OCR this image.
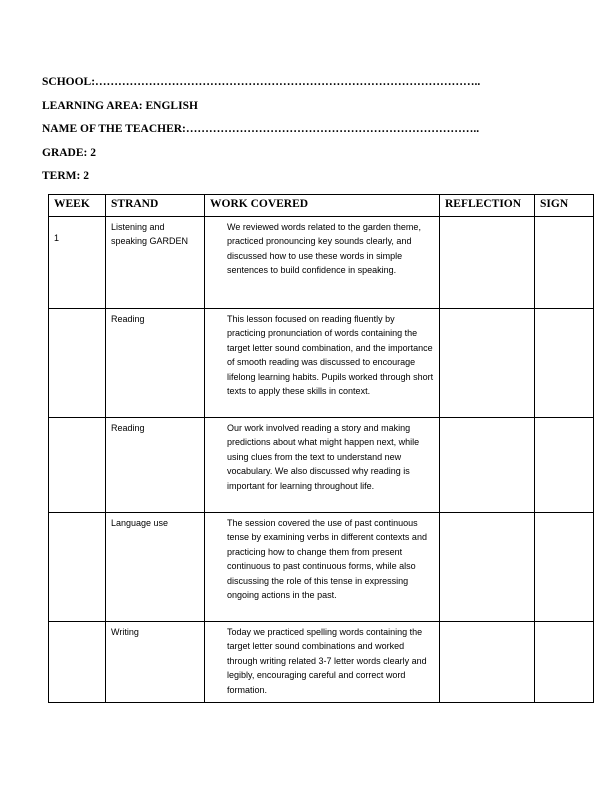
SCHOOL:………………………………………………………………………………………..
LEARNING AREA: ENGLISH
NAME OF THE TEACHER:…………………………………………………………………..
GRADE: 2
TERM: 2
WEEK	STRAND	WORK COVERED	REFLECTION	SIGN
1	Listening and speaking GARDEN	We reviewed words related to the garden theme, practiced pronouncing key sounds clearly, and discussed how to use these words in simple sentences to build confidence in speaking.		
	Reading	This lesson focused on reading fluently by practicing pronunciation of words containing the target letter sound combination, and the importance of smooth reading was discussed to encourage lifelong learning habits. Pupils worked through short texts to apply these skills in context.		
	Reading	Our work involved reading a story and making predictions about what might happen next, while using clues from the text to understand new vocabulary. We also discussed why reading is important for learning throughout life.		
	Language use	The session covered the use of past continuous tense by examining verbs in different contexts and practicing how to change them from present continuous to past continuous forms, while also discussing the role of this tense in expressing ongoing actions in the past.		
	Writing	Today we practiced spelling words containing the target letter sound combinations and worked through writing related 3-7 letter words clearly and legibly, encouraging careful and correct word formation.		
